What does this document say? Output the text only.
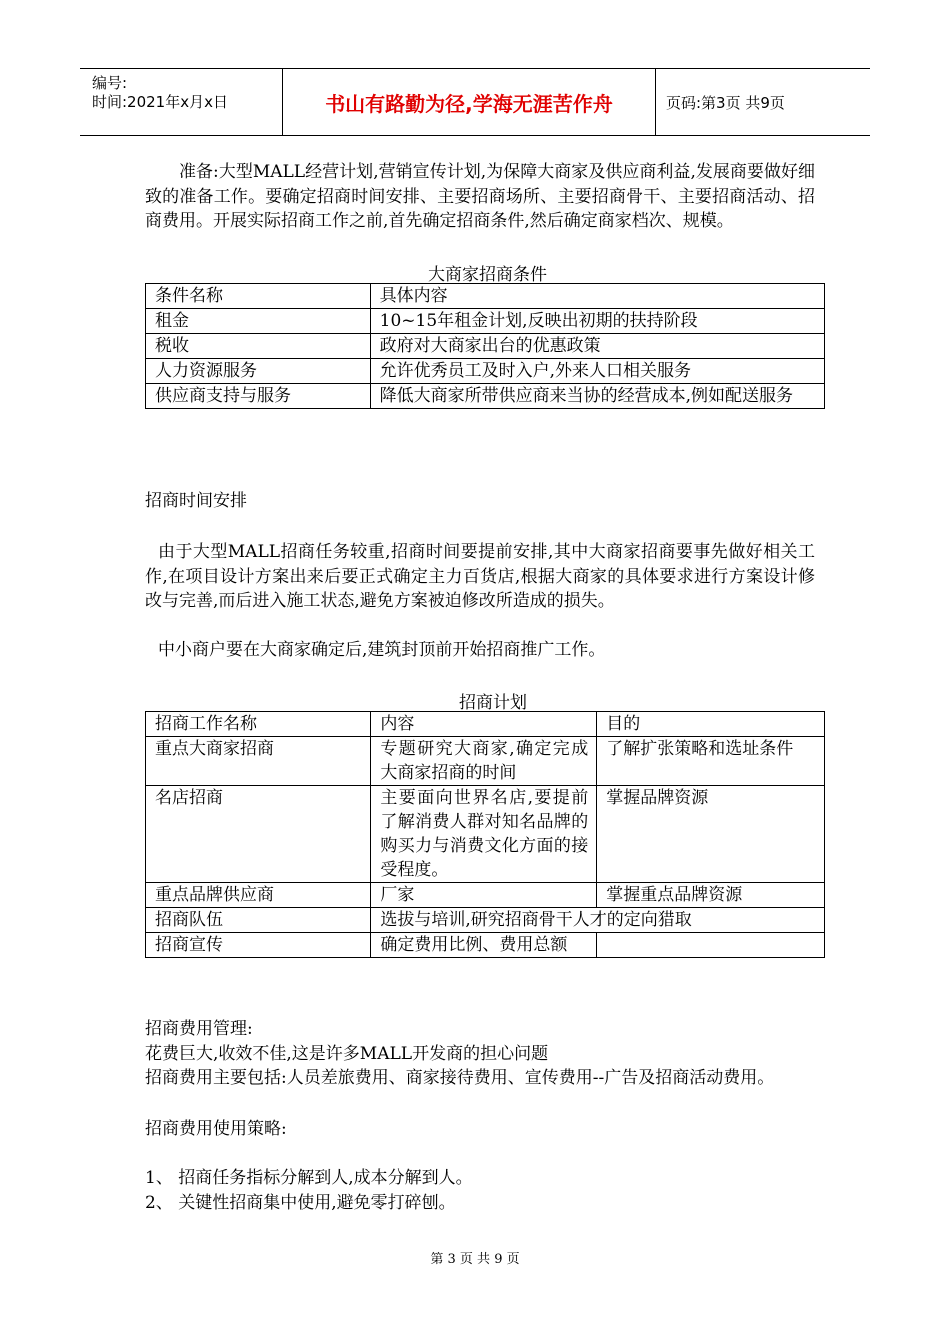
编号:
时间:2021年x月x日	书山有路勤为径,学海无涯苦作舟	页码:第3页 共9页
准备:大型MALL经营计划,营销宣传计划,为保障大商家及供应商利益,发展商要做好细致的准备工作。要确定招商时间安排、主要招商场所、主要招商骨干、主要招商活动、招商费用。开展实际招商工作之前,首先确定招商条件,然后确定商家档次、规模。
大商家招商条件
条件名称	具体内容
租金	10~15年租金计划,反映出初期的扶持阶段
税收	政府对大商家出台的优惠政策
人力资源服务	允许优秀员工及时入户,外来人口相关服务
供应商支持与服务	降低大商家所带供应商来当协的经营成本,例如配送服务
招商时间安排
由于大型MALL招商任务较重,招商时间要提前安排,其中大商家招商要事先做好相关工作,在项目设计方案出来后要正式确定主力百货店,根据大商家的具体要求进行方案设计修改与完善,而后进入施工状态,避免方案被迫修改所造成的损失。
中小商户要在大商家确定后,建筑封顶前开始招商推广工作。
招商计划
招商工作名称	内容	目的
重点大商家招商	专题研究大商家,确定完成大商家招商的时间	了解扩张策略和选址条件
名店招商	主要面向世界名店,要提前了解消费人群对知名品牌的购买力与消费文化方面的接受程度。	掌握品牌资源
重点品牌供应商	厂家	掌握重点品牌资源
招商队伍	选拔与培训,研究招商骨干人才的定向猎取	
招商宣传	确定费用比例、费用总额	
招商费用管理:
花费巨大,收效不佳,这是许多MALL开发商的担心问题
招商费用主要包括:人员差旅费用、商家接待费用、宣传费用--广告及招商活动费用。
招商费用使用策略:
1、 招商任务指标分解到人,成本分解到人。
2、 关键性招商集中使用,避免零打碎刨。
第 3 页 共 9 页
